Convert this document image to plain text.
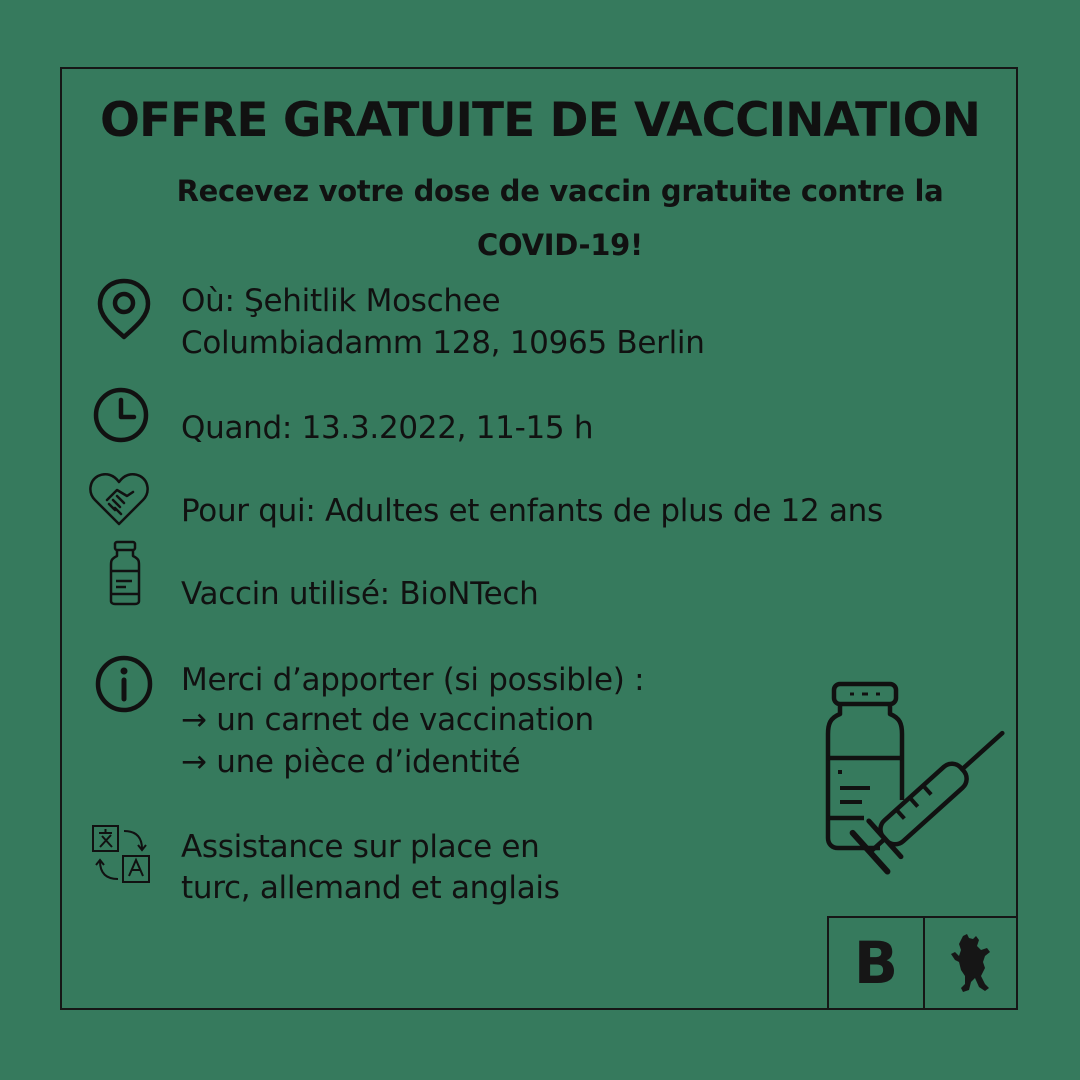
OFFRE GRATUITE DE VACCINATION
Recevez votre dose de vaccin gratuite contre la
COVID-19!
Où: Şehitlik Moschee
Columbiadamm 128, 10965 Berlin
Quand: 13.3.2022, 11-15 h
Pour qui: Adultes et enfants de plus de 12 ans
Vaccin utilisé: BioNTech
Merci d’apporter (si possible) :
→ un carnet de vaccination
→ une pièce d’identité
Assistance sur place en
turc, allemand et anglais
B
